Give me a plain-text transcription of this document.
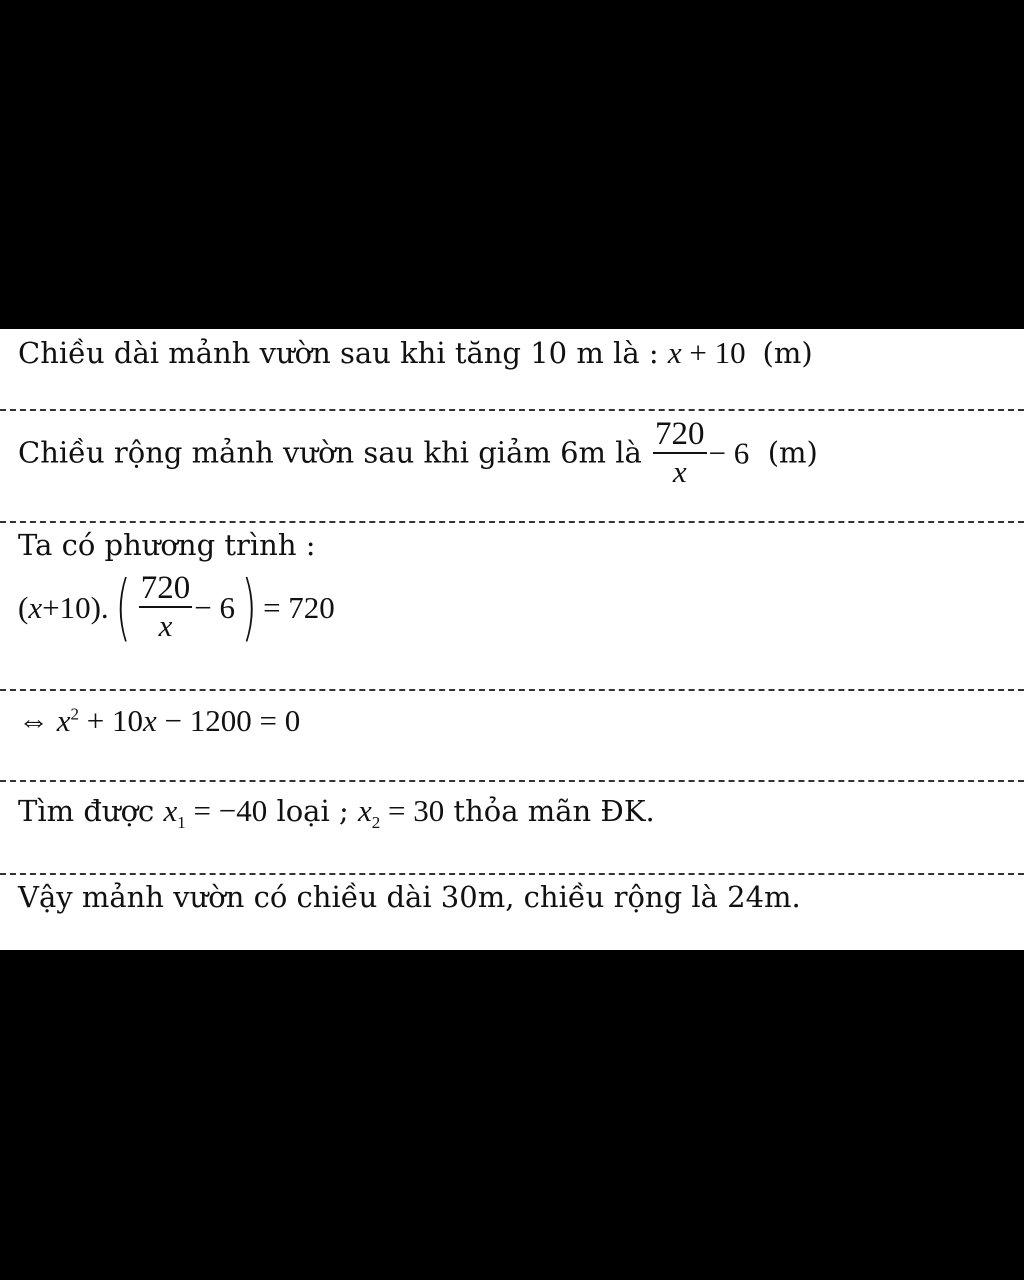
Chiều dài mảnh vườn sau khi tăng 10 m là : x + 10 (m)
Chiều rộng mảnh vườn sau khi giảm 6m là $\frac{720}{x} - 6$ (m)
Ta có phương trình :
( x +10). ( $\frac{720}{x} - 6$ ) = 720
⇔ $x^2 + 10x - 1200 = 0$
Tìm được $x_1 = -40$ loại ; $x_2 = 30$ thỏa mãn ĐK.
Vậy mảnh vườn có chiều dài 30m, chiều rộng là 24m.
